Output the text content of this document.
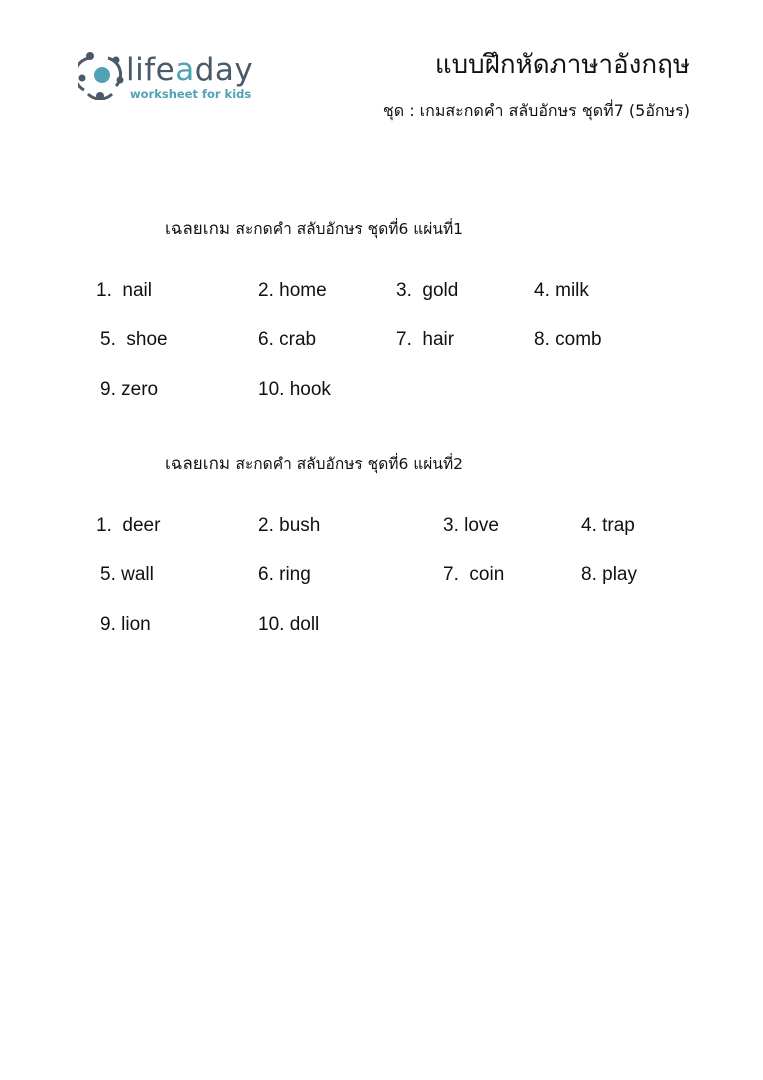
lifeaday
worksheet for kids
แบบฝึกหัดภาษาอังกฤษ
ชุด : เกมสะกดคำ สลับอักษร ชุดที่7 (5อักษร)
เฉลยเกม สะกดคำ สลับอักษร ชุดที่6 แผ่นที่1
1.  nail	2. home	3.  gold	4. milk
5.  shoe	6. crab	7.  hair	8. comb
9. zero	10. hook
เฉลยเกม สะกดคำ สลับอักษร ชุดที่6 แผ่นที่2
1.  deer	2. bush	3. love	4. trap
5. wall	6. ring	7.  coin	8. play
9. lion	10. doll
